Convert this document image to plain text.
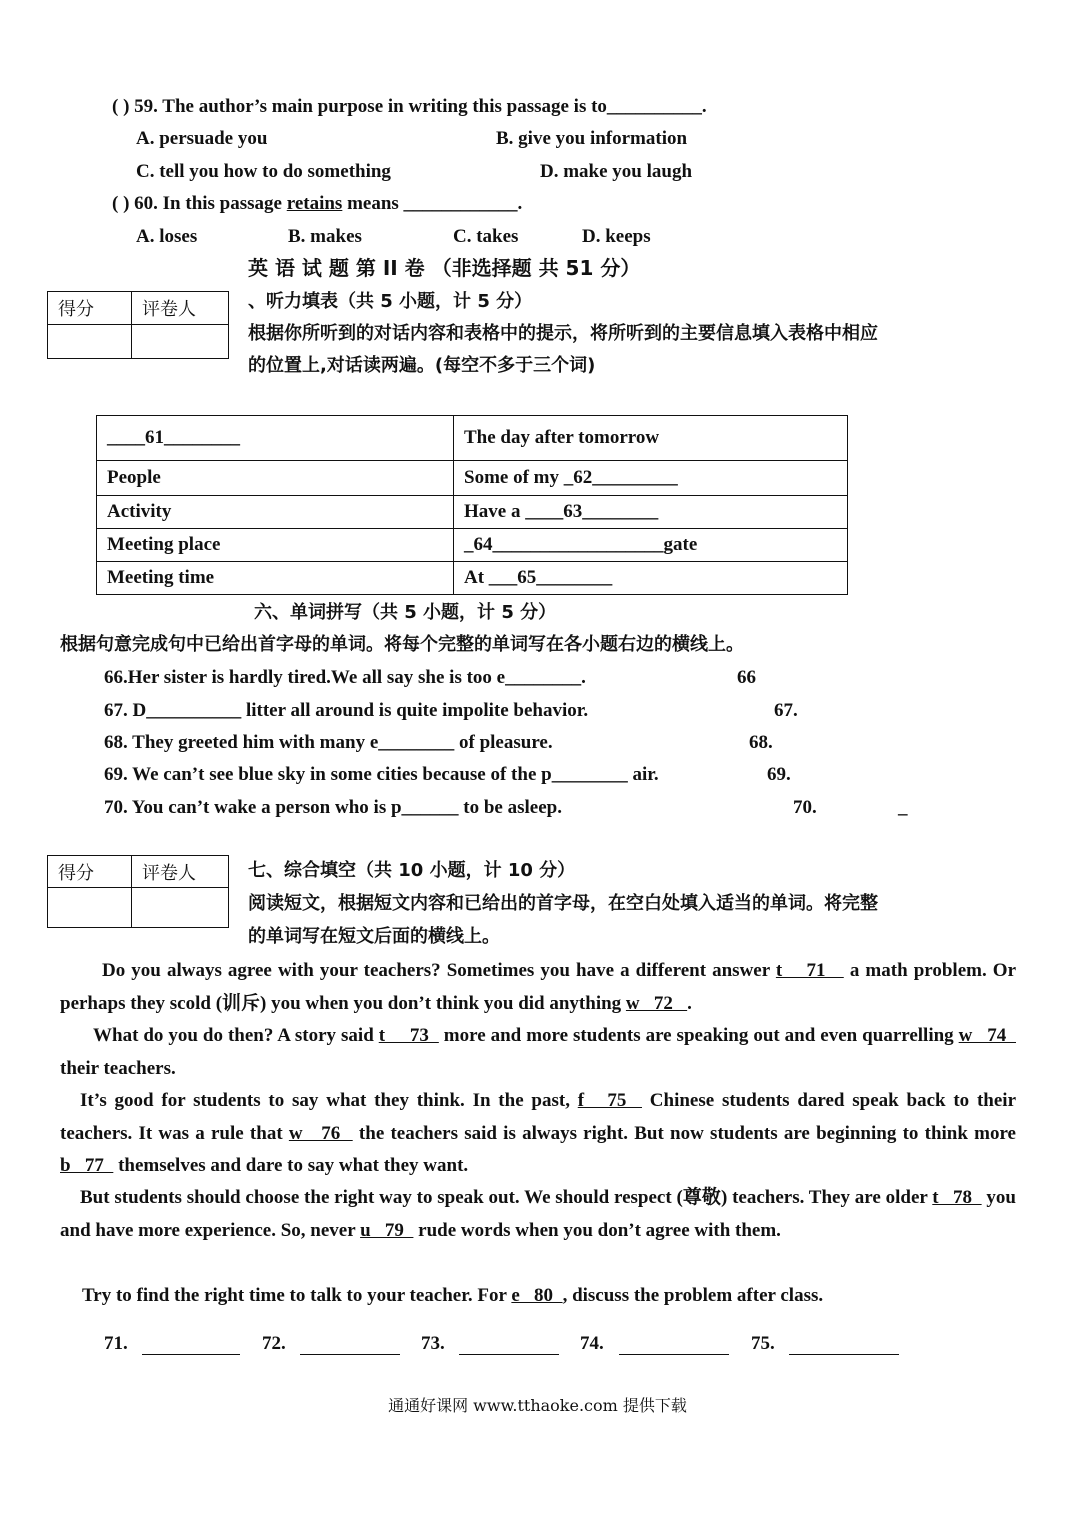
( ) 59. The author’s main purpose in writing this passage is to__________.
A. persuade you	B. give you information
C. tell you how to do something	D. make you laugh
( ) 60. In this passage retains means ____________.
A. loses	B. makes	C. takes	D. keeps
英 语 试 题 第 II 卷 （非选择题 共 51 分）
得分	评卷人
		、听力填表（共 5 小题，计 5 分）
根据你所听到的对话内容和表格中的提示，将所听到的主要信息填入表格中相应
的位置上,对话读两遍。(每空不多于三个词)
____61________	The day after tomorrow
People	Some of my _62_________
Activity	Have a ____63________
Meeting place	_64__________________gate
Meeting time	At ___65________
六、单词拼写（共 5 小题，计 5 分）
根据句意完成句中已给出首字母的单词。将每个完整的单词写在各小题右边的横线上。
66.Her sister is hardly tired.We all say she is too e________.	66
67. D__________ litter all around is quite impolite behavior.	67.
68. They greeted him with many e________ of pleasure.	68.
69. We can’t see blue sky in some cities because of the p________ air.	69.
70. You can’t wake a person who is p______ to be asleep.	70.	_
得分	评卷人
		七、综合填空（共 10 小题，计 10 分）
阅读短文，根据短文内容和已给出的首字母，在空白处填入适当的单词。将完整
的单词写在短文后面的横线上。
Do you always agree with your teachers? Sometimes you have a different answer t    71    a math problem. Or perhaps they scold (训斥) you when you don’t think you did anything w   72   .
What do you do then? A story said t     73   more and more students are speaking out and even quarrelling w   74   their teachers.
It’s good for students to say what they think. In the past, f   75   Chinese students dared speak back to their teachers. It was a rule that w   76   the teachers said is always right. But now students are beginning to think more b   77   themselves and dare to say what they want.
But students should choose the right way to speak out. We should respect (尊敬) teachers. They are older t   78   you and have more experience. So, never u   79   rude words when you don’t agree with them.
Try to find the right time to talk to your teacher. For e   80  , discuss the problem after class.
71.	72.	73.	74.	75.
通通好课网 www.tthaoke.com 提供下载
